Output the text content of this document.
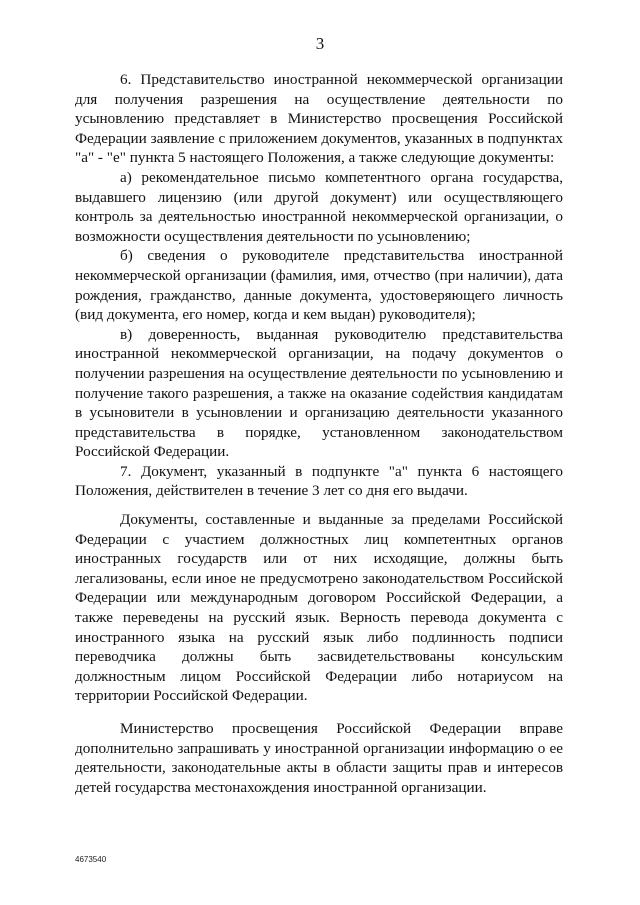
3

6. Представительство иностранной некоммерческой организации для получения разрешения на осуществление деятельности по усыновлению представляет в Министерство просвещения Российской Федерации заявление с приложением документов, указанных в подпунктах "а" - "е" пункта 5 настоящего Положения, а также следующие документы:

а) рекомендательное письмо компетентного органа государства, выдавшего лицензию (или другой документ) или осуществляющего контроль за деятельностью иностранной некоммерческой организации, о возможности осуществления деятельности по усыновлению;

б) сведения о руководителе представительства иностранной некоммерческой организации (фамилия, имя, отчество (при наличии), дата рождения, гражданство, данные документа, удостоверяющего личность (вид документа, его номер, когда и кем выдан) руководителя);

в) доверенность, выданная руководителю представительства иностранной некоммерческой организации, на подачу документов о получении разрешения на осуществление деятельности по усыновлению и получение такого разрешения, а также на оказание содействия кандидатам в усыновители в усыновлении и организацию деятельности указанного представительства в порядке, установленном законодательством Российской Федерации.

7. Документ, указанный в подпункте "а" пункта 6 настоящего Положения, действителен в течение 3 лет со дня его выдачи.

Документы, составленные и выданные за пределами Российской Федерации с участием должностных лиц компетентных органов иностранных государств или от них исходящие, должны быть легализованы, если иное не предусмотрено законодательством Российской Федерации или международным договором Российской Федерации, а также переведены на русский язык. Верность перевода документа с иностранного языка на русский язык либо подлинность подписи переводчика должны быть засвидетельствованы консульским должностным лицом Российской Федерации либо нотариусом на территории Российской Федерации.

Министерство просвещения Российской Федерации вправе дополнительно запрашивать у иностранной организации информацию о ее деятельности, законодательные акты в области защиты прав и интересов детей государства местонахождения иностранной организации.

4673540
